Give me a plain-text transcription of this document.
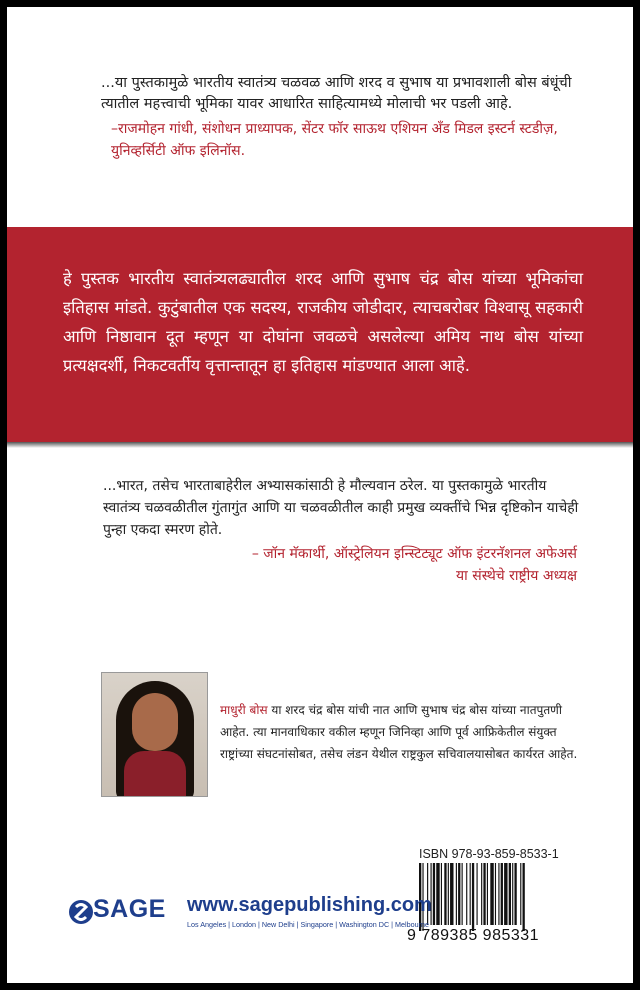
...या पुस्तकामुळे भारतीय स्वातंत्र्य चळवळ आणि शरद व सुभाष या प्रभावशाली बोस बंधूंची त्यातील महत्त्वाची भूमिका यावर आधारित साहित्यामध्ये मोलाची भर पडली आहे.

–राजमोहन गांधी, संशोधन प्राध्यापक, सेंटर फॉर साऊथ एशियन अँड मिडल इस्टर्न स्टडीज़, युनिव्हर्सिटी ऑफ इलिनॉस.

हे पुस्तक भारतीय स्वातंत्र्यलढ्यातील शरद आणि सुभाष चंद्र बोस यांच्या भूमिकांचा इतिहास मांडते. कुटुंबातील एक सदस्य, राजकीय जोडीदार, त्याचबरोबर विश्वासू सहकारी आणि निष्ठावान दूत म्हणून या दोघांना जवळचे असलेल्या अमिय नाथ बोस यांच्या प्रत्यक्षदर्शी, निकटवर्तीय वृत्तान्तातून हा इतिहास मांडण्यात आला आहे.

...भारत, तसेच भारताबाहेरील अभ्यासकांसाठी हे मौल्यवान ठरेल. या पुस्तकामुळे भारतीय स्वातंत्र्य चळवळीतील गुंतागुंत आणि या चळवळीतील काही प्रमुख व्यक्तींचे भिन्न दृष्टिकोन याचेही पुन्हा एकदा स्मरण होते.

– जॉन मॅकार्थी, ऑस्ट्रेलियन इन्स्टिट्यूट ऑफ इंटरनॅशनल अफेअर्स
या संस्थेचे राष्ट्रीय अध्यक्ष

माधुरी बोस या शरद चंद्र बोस यांची नात आणि सुभाष चंद्र बोस यांच्या नातपुतणी आहेत. त्या मानवाधिकार वकील म्हणून जिनिव्हा आणि पूर्व आफ्रिकेतील संयुक्त राष्ट्रांच्या संघटनांसोबत, तसेच लंडन येथील राष्ट्रकुल सचिवालयासोबत कार्यरत आहेत.

ISBN 978-93-859-8533-1
9 789385 985331
SAGE www.sagepublishing.com
Los Angeles | London | New Delhi | Singapore | Washington DC | Melbourne
